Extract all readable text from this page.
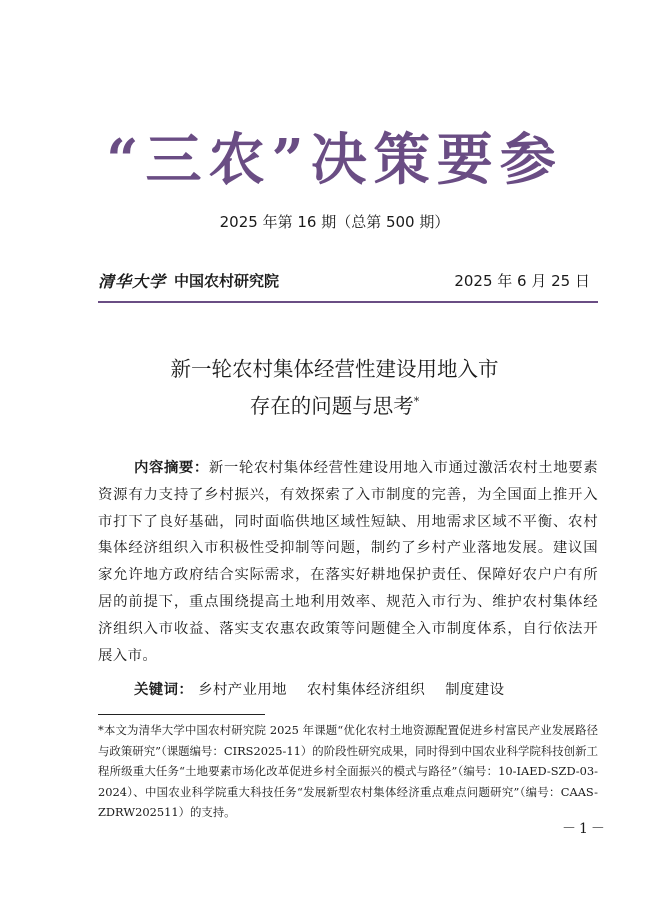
“三农”决策要参
2025 年第 16 期（总第 500 期）
清华大学 中国农村研究院	2025 年 6 月 25 日
新一轮农村集体经营性建设用地入市
存在的问题与思考*

内容摘要：新一轮农村集体经营性建设用地入市通过激活农村土地要素资源有力支持了乡村振兴，有效探索了入市制度的完善，为全国面上推开入市打下了良好基础，同时面临供地区域性短缺、用地需求区域不平衡、农村集体经济组织入市积极性受抑制等问题，制约了乡村产业落地发展。建议国家允许地方政府结合实际需求，在落实好耕地保护责任、保障好农户户有所居的前提下，重点围绕提高土地利用效率、规范入市行为、维护农村集体经济组织入市收益、落实支农惠农政策等问题健全入市制度体系，自行依法开展入市。

关键词： 乡村产业用地 农村集体经济组织 制度建设

*本文为清华大学中国农村研究院 2025 年课题“优化农村土地资源配置促进乡村富民产业发展路径与政策研究”（课题编号：CIRS2025-11）的阶段性研究成果，同时得到中国农业科学院科技创新工程所级重大任务“土地要素市场化改革促进乡村全面振兴的模式与路径”（编号：10-IAED-SZD-03-2024）、中国农业科学院重大科技任务“发展新型农村集体经济重点难点问题研究”（编号：CAAS-ZDRW202511）的支持。

－1－
